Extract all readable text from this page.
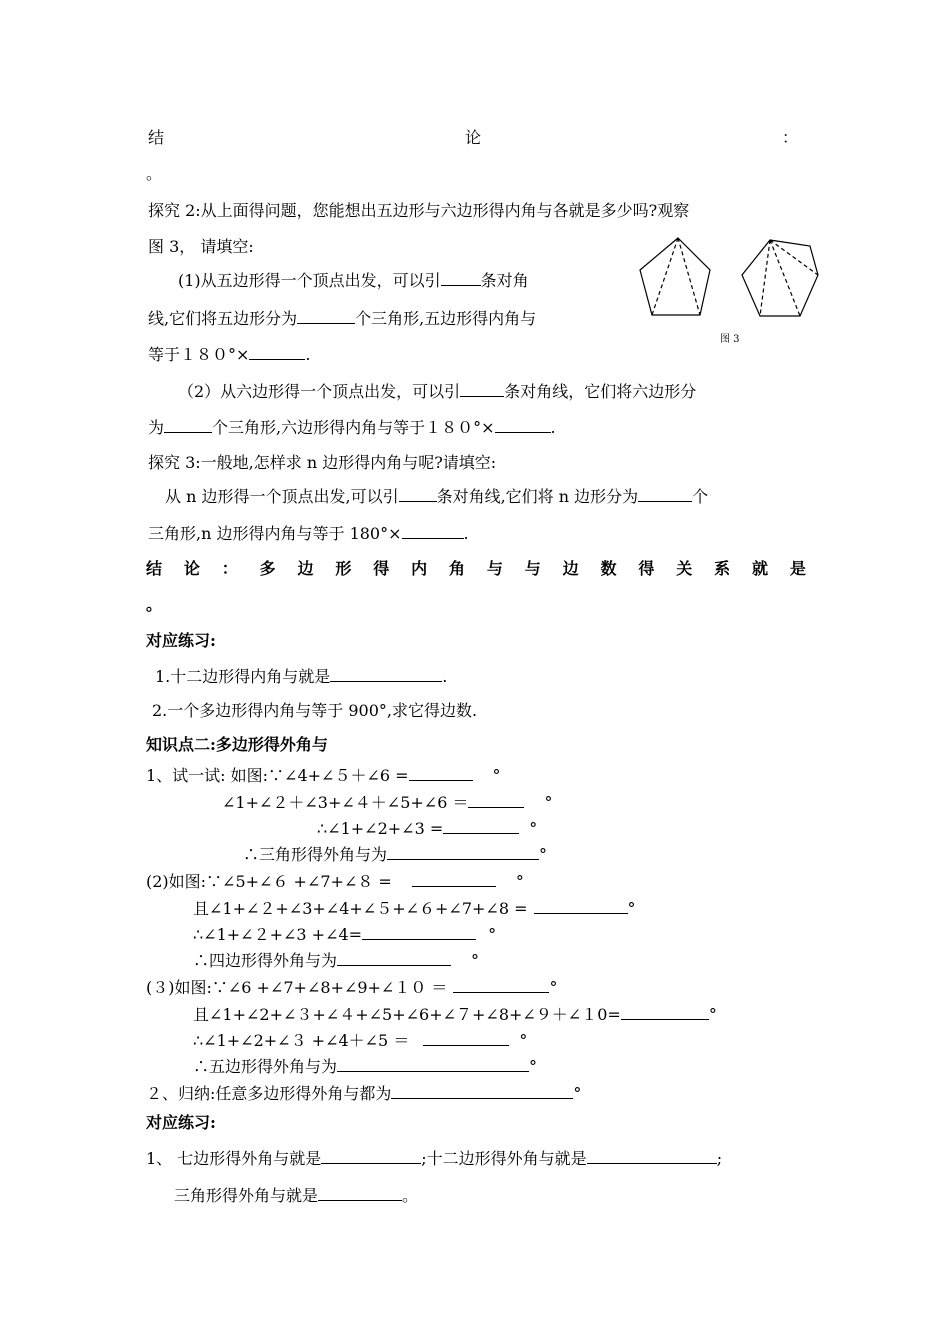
结	论	：
。
探究 2:从上面得问题，您能想出五边形与六边形得内角与各就是多少吗?观察
图 3， 请填空:
图 3
(1)从五边形得一个顶点出发，可以引	条对角
线,它们将五边形分为	个三角形,五边形得内角与
等于１８０°×	.
（2）从六边形得一个顶点出发，可以引	条对角线，它们将六边形分
为	个三角形,六边形得内角与等于１８０°×	.
探究 3:一般地,怎样求 n 边形得内角与呢?请填空:
从 n 边形得一个顶点出发,可以引 条对角线,它们将 n 边形分为	个
三角形,n 边形得内角与等于 180°×	.
结 论 ： 多 边 形 得 内 角 与 与 边 数 得 关 系 就 是
。
对应练习:
1.十二边形得内角与就是	.
2.一个多边形得内角与等于 900°,求它得边数.
知识点二:多边形得外角与
1、试一试: 如图:∵∠4+∠５＋∠6 =	°
∠1+∠２＋∠3+∠４＋∠5+∠6 ＝	°
∴∠1+∠2+∠3 =	°
∴三角形得外角与为	°
(2)如图:∵∠5+∠６ +∠7+∠８ =	°
且∠1+∠２+∠3+∠4+∠５+∠６+∠7+∠8 =	°
∴∠1+∠２+∠3 +∠4=	°
∴四边形得外角与为	°
(３)如图:∵∠6 +∠7+∠8+∠9+∠１０ ＝	°
且∠1+∠2+∠３+∠４+∠5+∠6+∠７+∠8+∠９＋∠１0=	°
∴∠1+∠2+∠３ +∠4＋∠5 ＝	°
∴五边形得外角与为	°
２、归纳:任意多边形得外角与都为	°
对应练习:
1、 七边形得外角与就是	;十二边形得外角与就是	;
三角形得外角与就是	。
